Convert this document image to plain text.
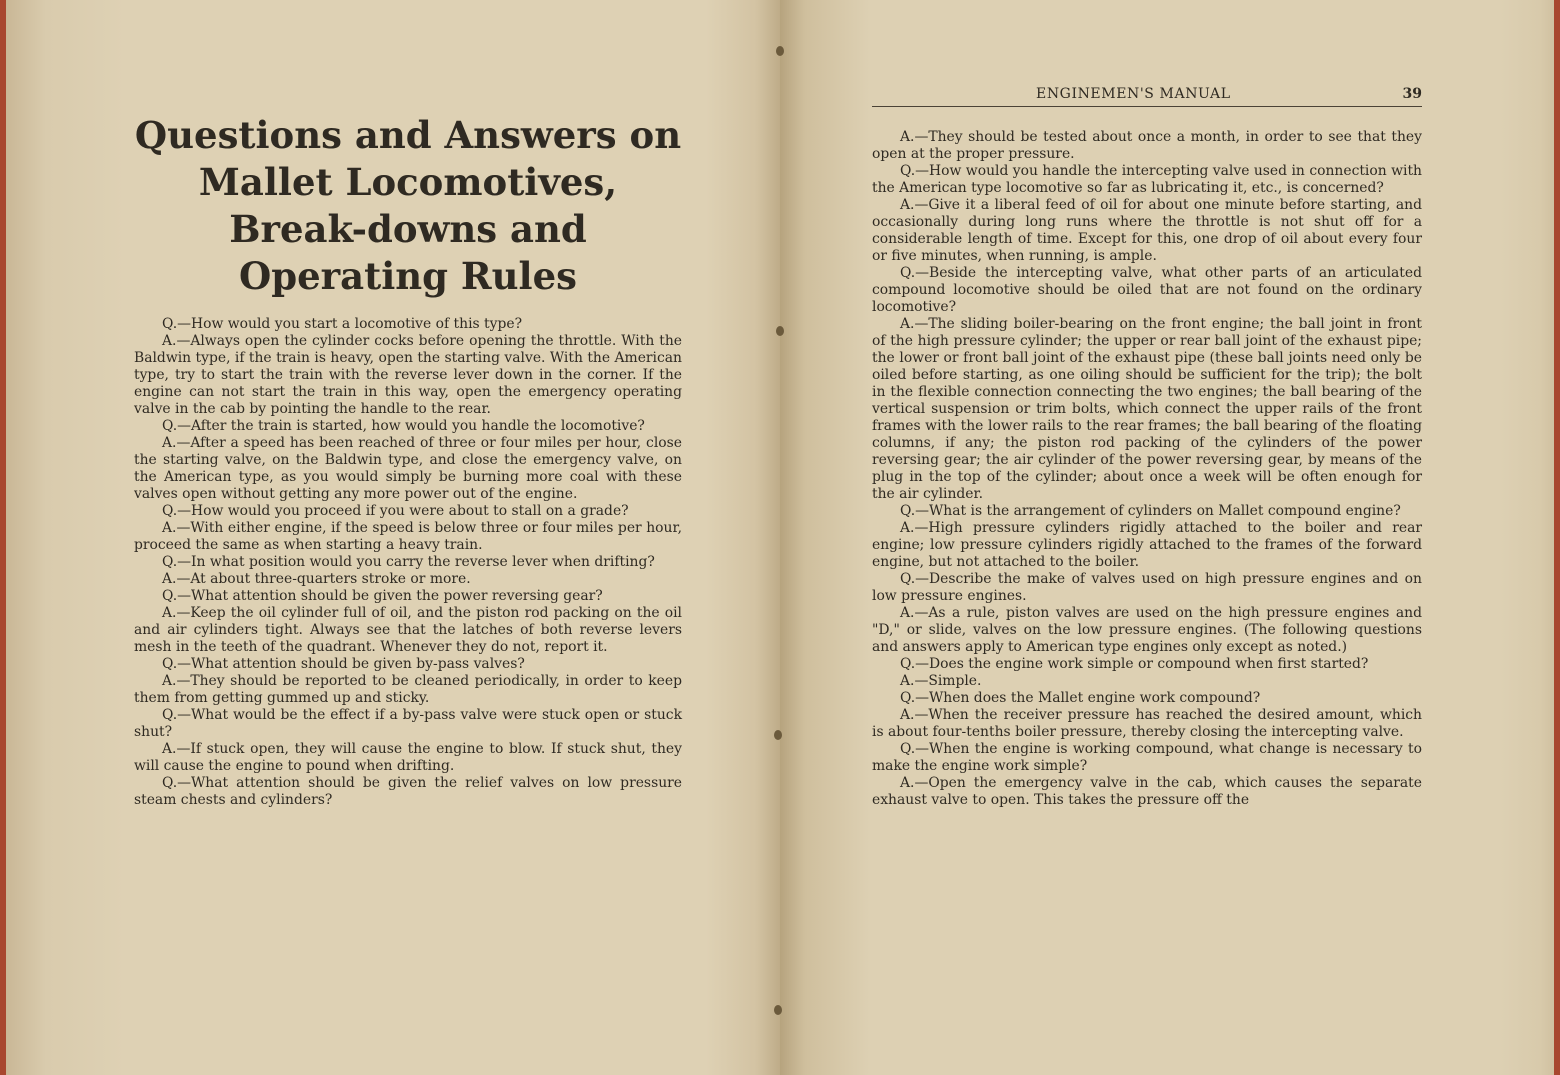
Questions and Answers on Mallet Locomotives, Break-downs and Operating Rules

Q.—How would you start a locomotive of this type?

A.—Always open the cylinder cocks before opening the throttle. With the Baldwin type, if the train is heavy, open the starting valve. With the American type, try to start the train with the reverse lever down in the corner. If the engine can not start the train in this way, open the emergency operating valve in the cab by pointing the handle to the rear.

Q.—After the train is started, how would you handle the locomotive?

A.—After a speed has been reached of three or four miles per hour, close the starting valve, on the Baldwin type, and close the emergency valve, on the American type, as you would simply be burning more coal with these valves open without getting any more power out of the engine.

Q.—How would you proceed if you were about to stall on a grade?

A.—With either engine, if the speed is below three or four miles per hour, proceed the same as when starting a heavy train.

Q.—In what position would you carry the reverse lever when drifting?

A.—At about three-quarters stroke or more.

Q.—What attention should be given the power reversing gear?

A.—Keep the oil cylinder full of oil, and the piston rod packing on the oil and air cylinders tight. Always see that the latches of both reverse levers mesh in the teeth of the quadrant. Whenever they do not, report it.

Q.—What attention should be given by-pass valves?

A.—They should be reported to be cleaned periodically, in order to keep them from getting gummed up and sticky.

Q.—What would be the effect if a by-pass valve were stuck open or stuck shut?

A.—If stuck open, they will cause the engine to blow. If stuck shut, they will cause the engine to pound when drifting.

Q.—What attention should be given the relief valves on low pressure steam chests and cylinders?

ENGINEMEN'S MANUAL	39

A.—They should be tested about once a month, in order to see that they open at the proper pressure.

Q.—How would you handle the intercepting valve used in connection with the American type locomotive so far as lubricating it, etc., is concerned?

A.—Give it a liberal feed of oil for about one minute before starting, and occasionally during long runs where the throttle is not shut off for a considerable length of time. Except for this, one drop of oil about every four or five minutes, when running, is ample.

Q.—Beside the intercepting valve, what other parts of an articulated compound locomotive should be oiled that are not found on the ordinary locomotive?

A.—The sliding boiler-bearing on the front engine; the ball joint in front of the high pressure cylinder; the upper or rear ball joint of the exhaust pipe; the lower or front ball joint of the exhaust pipe (these ball joints need only be oiled before starting, as one oiling should be sufficient for the trip); the bolt in the flexible connection connecting the two engines; the ball bearing of the vertical suspension or trim bolts, which connect the upper rails of the front frames with the lower rails to the rear frames; the ball bearing of the floating columns, if any; the piston rod packing of the cylinders of the power reversing gear; the air cylinder of the power reversing gear, by means of the plug in the top of the cylinder; about once a week will be often enough for the air cylinder.

Q.—What is the arrangement of cylinders on Mallet compound engine?

A.—High pressure cylinders rigidly attached to the boiler and rear engine; low pressure cylinders rigidly attached to the frames of the forward engine, but not attached to the boiler.

Q.—Describe the make of valves used on high pressure engines and on low pressure engines.

A.—As a rule, piston valves are used on the high pressure engines and "D," or slide, valves on the low pressure engines. (The following questions and answers apply to American type engines only except as noted.)

Q.—Does the engine work simple or compound when first started?

A.—Simple.

Q.—When does the Mallet engine work compound?

A.—When the receiver pressure has reached the desired amount, which is about four-tenths boiler pressure, thereby closing the intercepting valve.

Q.—When the engine is working compound, what change is necessary to make the engine work simple?

A.—Open the emergency valve in the cab, which causes the separate exhaust valve to open. This takes the pressure off the
